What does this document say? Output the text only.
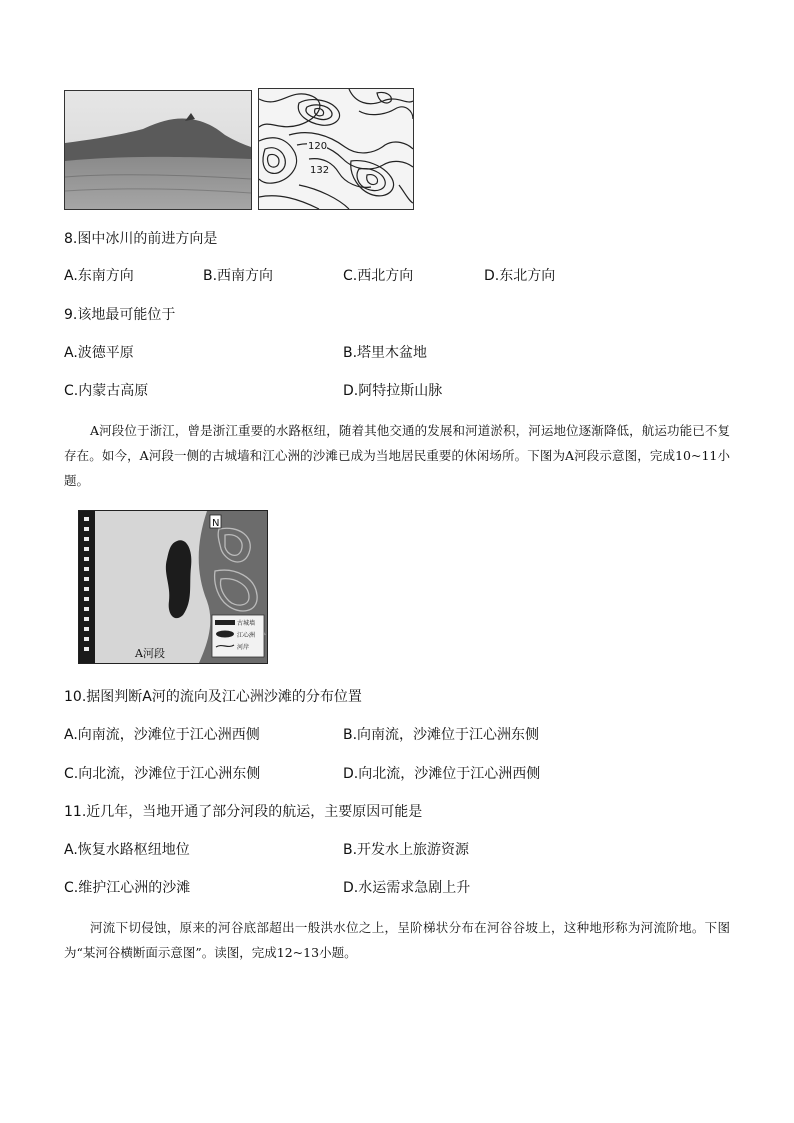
120
132
8.图中冰川的前进方向是
A.东南方向	B.西南方向	C.西北方向	D.东北方向
9.该地最可能位于
A.波德平原	B.塔里木盆地
C.内蒙古高原	D.阿特拉斯山脉
A河段位于浙江，曾是浙江重要的水路枢纽，随着其他交通的发展和河道淤积，河运地位逐渐降低，航运功能已不复存在。如今，A河段一侧的古城墙和江心洲的沙滩已成为当地居民重要的休闲场所。下图为A河段示意图，完成10~11小题。
N
古城墙
江心洲
河岸
A河段
10.据图判断A河的流向及江心洲沙滩的分布位置
A.向南流，沙滩位于江心洲西侧	B.向南流，沙滩位于江心洲东侧
C.向北流，沙滩位于江心洲东侧	D.向北流，沙滩位于江心洲西侧
11.近几年，当地开通了部分河段的航运，主要原因可能是
A.恢复水路枢纽地位	B.开发水上旅游资源
C.维护江心洲的沙滩	D.水运需求急剧上升
河流下切侵蚀，原来的河谷底部超出一般洪水位之上，呈阶梯状分布在河谷谷坡上，这种地形称为河流阶地。下图为“某河谷横断面示意图”。读图，完成12~13小题。
